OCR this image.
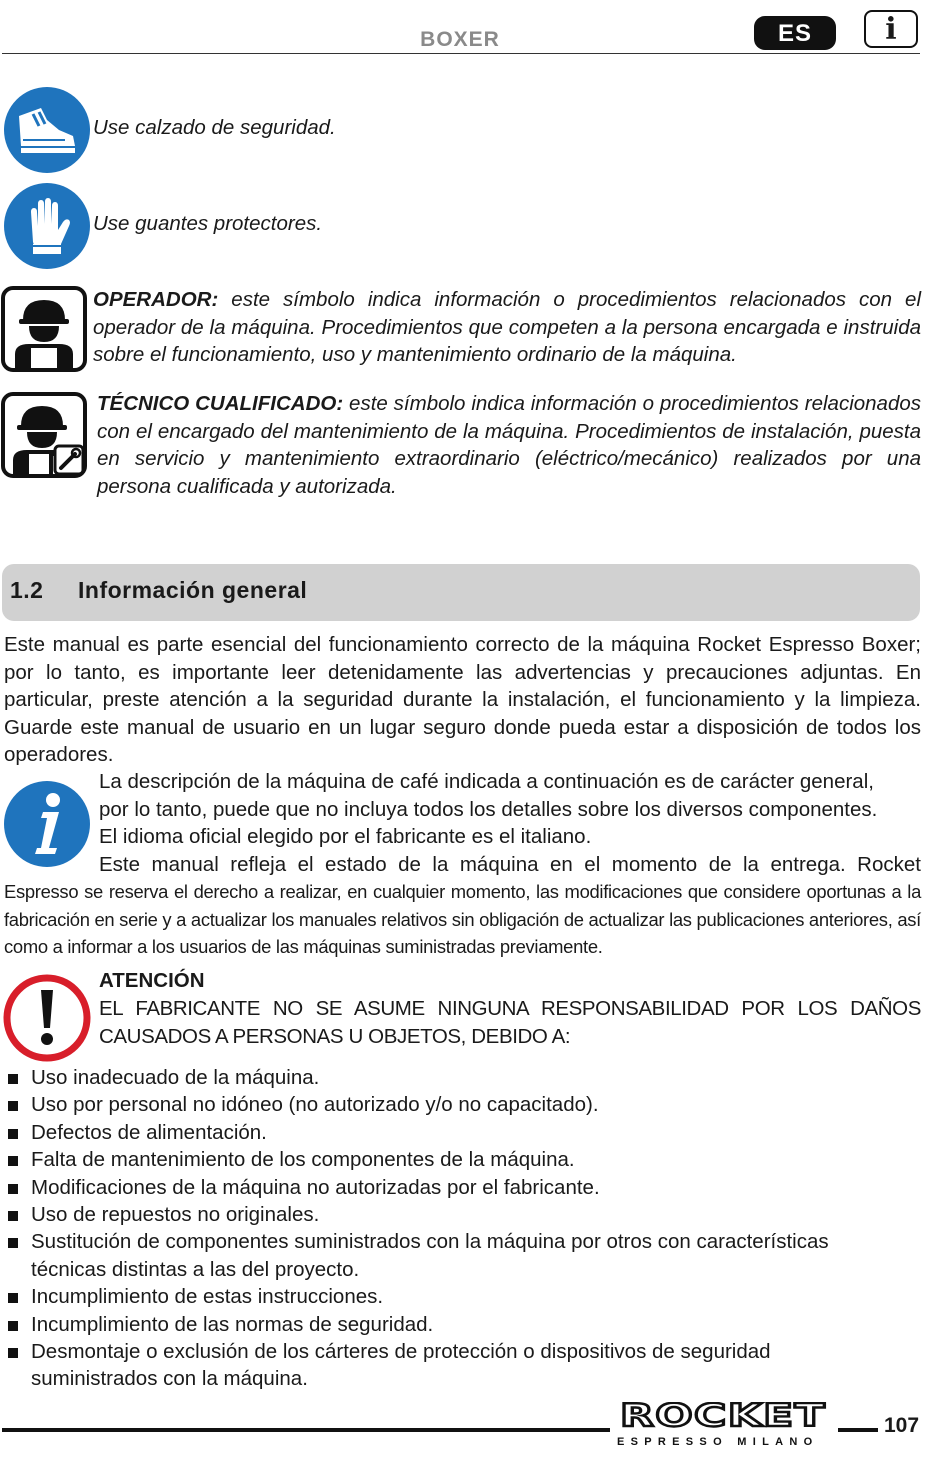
BOXER	ES	i
Use calzado de seguridad.
Use guantes protectores.
OPERADOR: este símbolo indica información o procedimientos relacionados con el operador de la máquina. Procedimientos que competen a la persona encargada e instruida sobre el funcionamiento, uso y mantenimiento ordinario de la máquina.
TÉCNICO CUALIFICADO: este símbolo indica información o procedimientos relacionados con el encargado del mantenimiento de la máquina. Procedimientos de instalación, puesta en servicio y mantenimiento extraordinario (eléctrico/mecánico) realizados por una persona cualificada y autorizada.
1.2 Información general
Este manual es parte esencial del funcionamiento correcto de la máquina Rocket Espresso Boxer; por lo tanto, es importante leer detenidamente las advertencias y precauciones adjuntas. En particular, preste atención a la seguridad durante la instalación, el funcionamiento y la limpieza. Guarde este manual de usuario en un lugar seguro donde pueda estar a disposición de todos los operadores.
La descripción de la máquina de café indicada a continuación es de carácter general,
por lo tanto, puede que no incluya todos los detalles sobre los diversos componentes.
El idioma oficial elegido por el fabricante es el italiano.
Este manual refleja el estado de la máquina en el momento de la entrega. Rocket
Espresso se reserva el derecho a realizar, en cualquier momento, las modificaciones que considere oportunas a la fabricación en serie y a actualizar los manuales relativos sin obligación de actualizar las publicaciones anteriores, así como a informar a los usuarios de las máquinas suministradas previamente.
ATENCIÓN
EL FABRICANTE NO SE ASUME NINGUNA RESPONSABILIDAD POR LOS DAÑOS CAUSADOS A PERSONAS U OBJETOS, DEBIDO A:
Uso inadecuado de la máquina.
Uso por personal no idóneo (no autorizado y/o no capacitado).
Defectos de alimentación.
Falta de mantenimiento de los componentes de la máquina.
Modificaciones de la máquina no autorizadas por el fabricante.
Uso de repuestos no originales.
Sustitución de componentes suministrados con la máquina por otros con características técnicas distintas a las del proyecto.
Incumplimiento de estas instrucciones.
Incumplimiento de las normas de seguridad.
Desmontaje o exclusión de los cárteres de protección o dispositivos de seguridad suministrados con la máquina.
ROCKET
ESPRESSO MILANO
107
